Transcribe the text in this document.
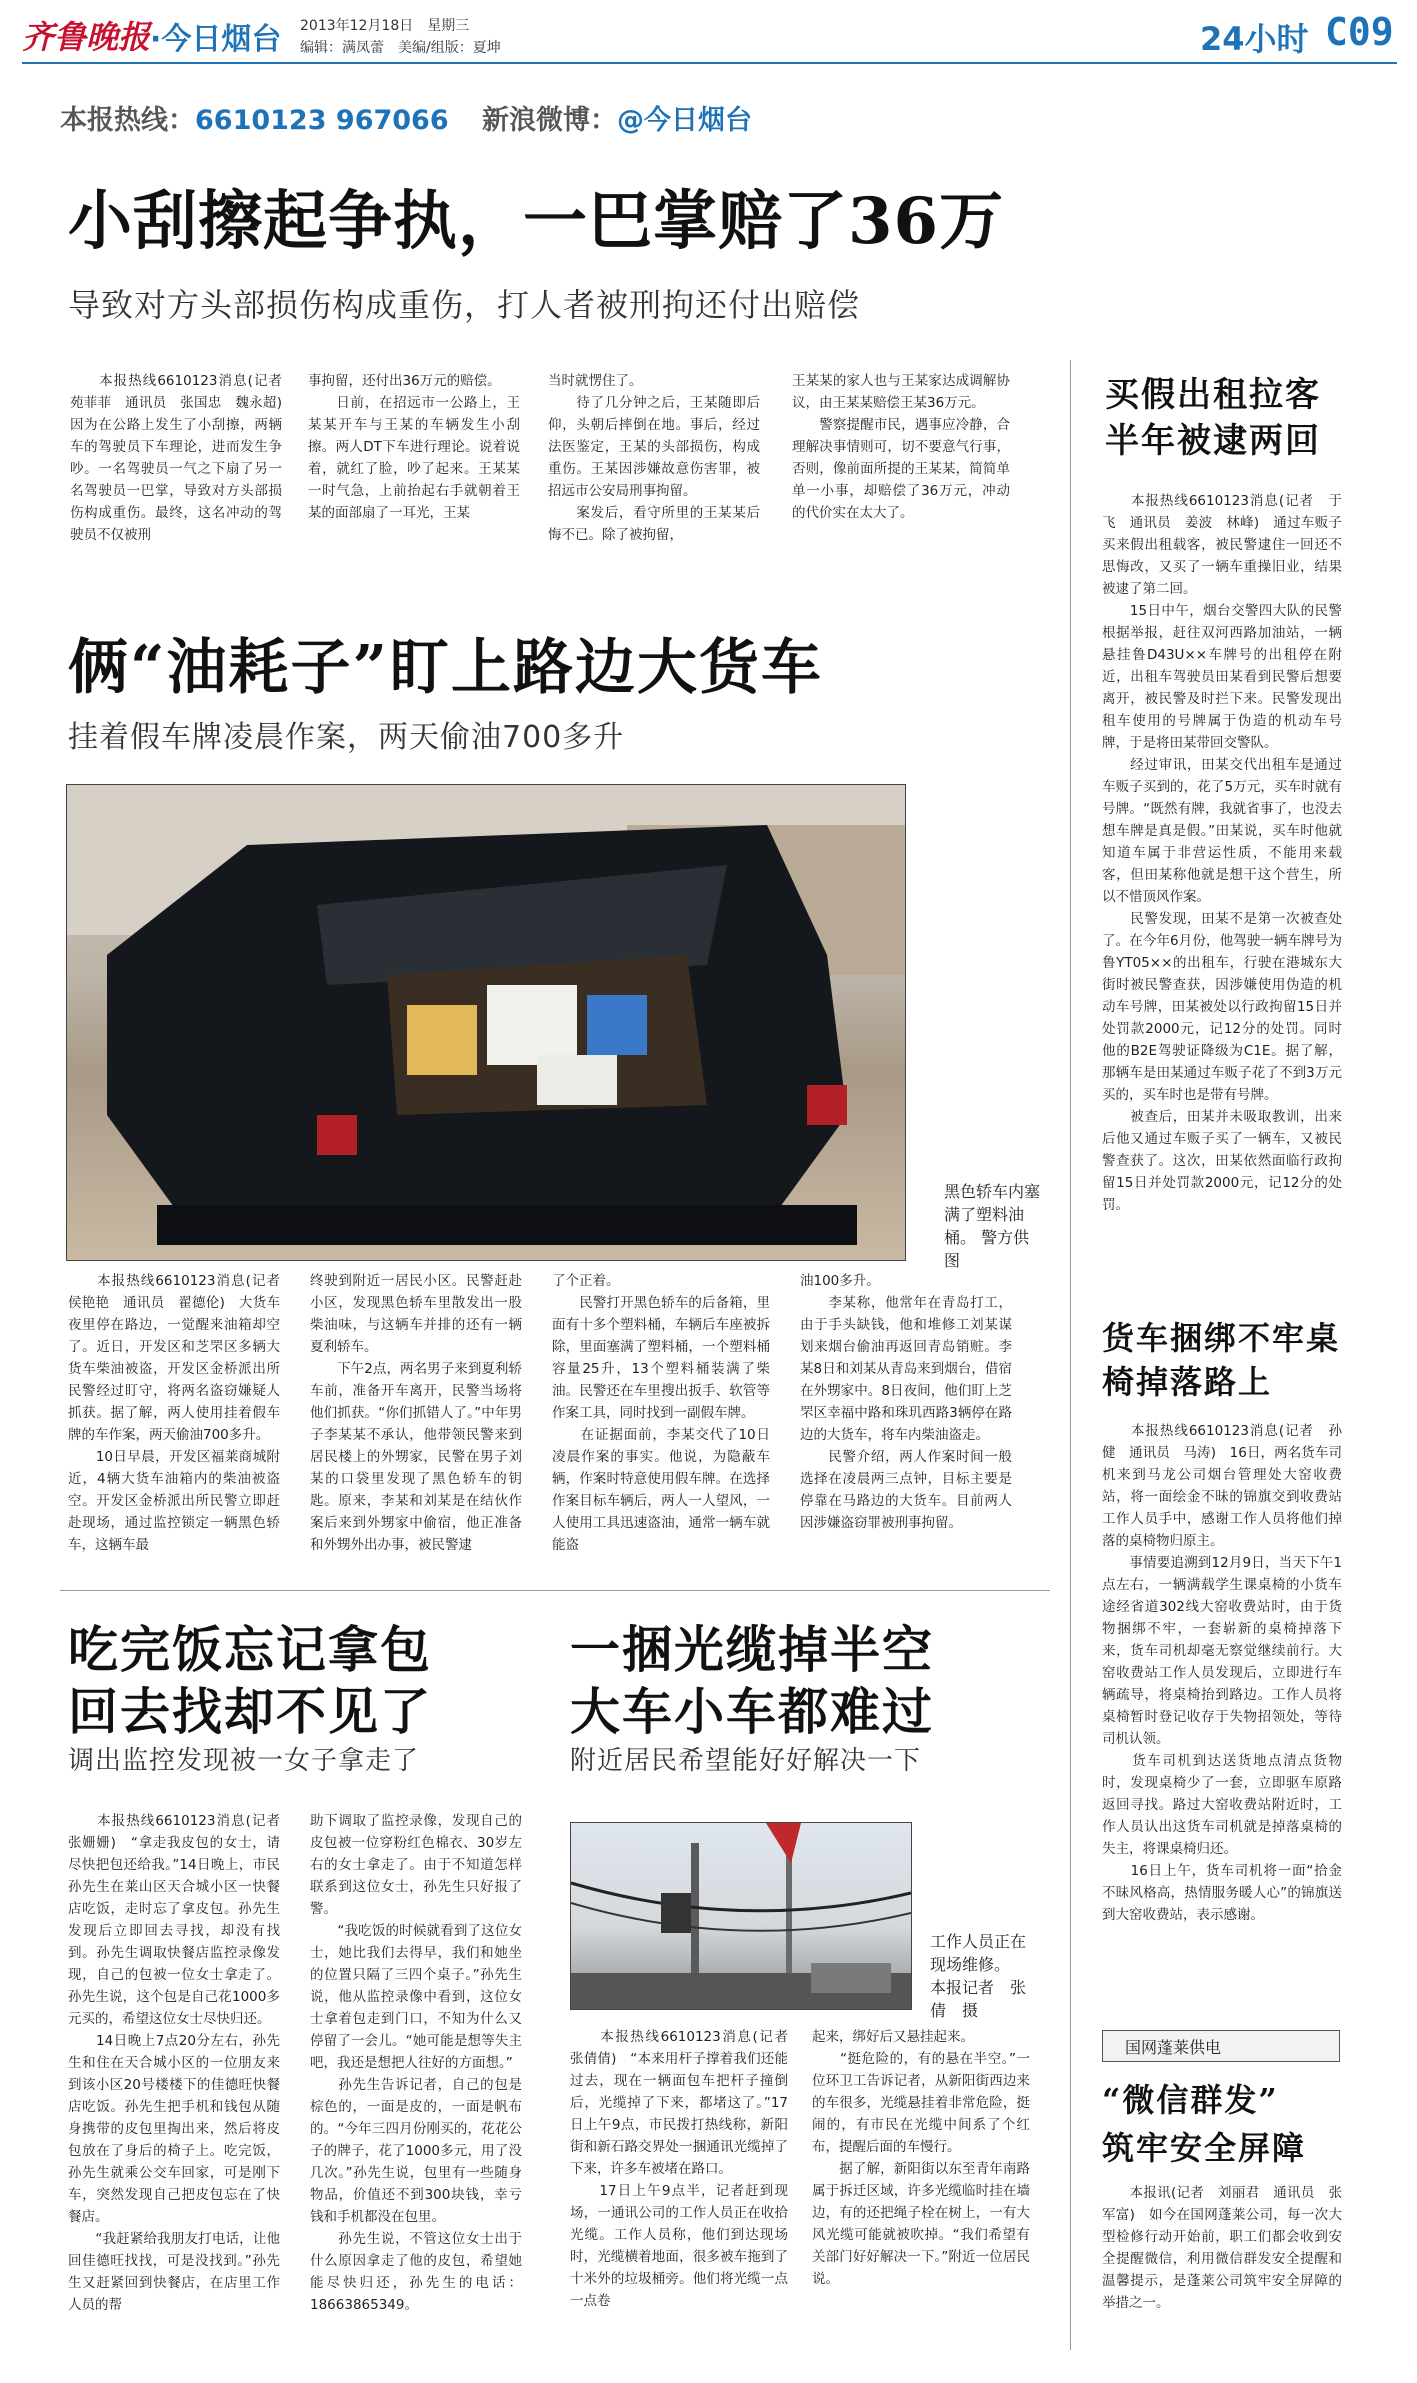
齐鲁晚报 ·今日烟台 2013年12月18日　星期三
编辑：满凤蕾　美编/组版：夏坤	24小时 C09
本报热线：6610123 967066 新浪微博：@今日烟台
小刮擦起争执，一巴掌赔了36万
导致对方头部损伤构成重伤，打人者被刑拘还付出赔偿
　　本报热线6610123消息(记者　苑菲菲　通讯员　张国忠　魏永超)　因为在公路上发生了小刮擦，两辆车的驾驶员下车理论，进而发生争吵。一名驾驶员一气之下扇了另一名驾驶员一巴掌，导致对方头部损伤构成重伤。最终，这名冲动的驾驶员不仅被刑
事拘留，还付出36万元的赔偿。
　　日前，在招远市一公路上，王某某开车与王某的车辆发生小刮擦。两人DT下车进行理论。说着说着，就红了脸，吵了起来。王某某一时气急，上前抬起右手就朝着王某的面部扇了一耳光，王某
当时就愣住了。
　　待了几分钟之后，王某随即后仰，头朝后摔倒在地。事后，经过法医鉴定，王某的头部损伤，构成重伤。王某因涉嫌故意伤害罪，被招远市公安局刑事拘留。
　　案发后，看守所里的王某某后悔不已。除了被拘留，
王某某的家人也与王某家达成调解协议，由王某某赔偿王某36万元。
　　警察提醒市民，遇事应冷静，合理解决事情则可，切不要意气行事，否则，像前面所提的王某某，简简单单一小事，却赔偿了36万元，冲动的代价实在太大了。
俩“油耗子”盯上路边大货车
挂着假车牌凌晨作案，两天偷油700多升
黑色轿车内塞满了塑料油桶。 警方供图
　　本报热线6610123消息(记者　侯艳艳　通讯员　翟德伦)　大货车夜里停在路边，一觉醒来油箱却空了。近日，开发区和芝罘区多辆大货车柴油被盗，开发区金桥派出所民警经过盯守，将两名盗窃嫌疑人抓获。据了解，两人使用挂着假车牌的车作案，两天偷油700多升。
　　10日早晨，开发区福莱商城附近，4辆大货车油箱内的柴油被盗空。开发区金桥派出所民警立即赶赴现场，通过监控锁定一辆黑色轿车，这辆车最
终驶到附近一居民小区。民警赶赴小区，发现黑色轿车里散发出一股柴油味，与这辆车并排的还有一辆夏利轿车。
　　下午2点，两名男子来到夏利轿车前，准备开车离开，民警当场将他们抓获。“你们抓错人了。”中年男子李某某不承认，他带领民警来到居民楼上的外甥家，民警在男子刘某的口袋里发现了黑色轿车的钥匙。原来，李某和刘某是在结伙作案后来到外甥家中偷宿，他正准备和外甥外出办事，被民警逮
了个正着。
　　民警打开黑色轿车的后备箱，里面有十多个塑料桶，车辆后车座被拆除，里面塞满了塑料桶，一个塑料桶容量25升，13个塑料桶装满了柴油。民警还在车里搜出扳手、软管等作案工具，同时找到一副假车牌。
　　在证据面前，李某交代了10日凌晨作案的事实。他说，为隐蔽车辆，作案时特意使用假车牌。在选择作案目标车辆后，两人一人望风，一人使用工具迅速盗油，通常一辆车就能盗
油100多升。
　　李某称，他常年在青岛打工，由于手头缺钱，他和堆修工刘某谋划来烟台偷油再返回青岛销赃。李某8日和刘某从青岛来到烟台，借宿在外甥家中。8日夜间，他们盯上芝罘区幸福中路和珠玑西路3辆停在路边的大货车，将车内柴油盗走。
　　民警介绍，两人作案时间一般选择在凌晨两三点钟，目标主要是停靠在马路边的大货车。目前两人因涉嫌盗窃罪被刑事拘留。
买假出租拉客半年被逮两回
　　本报热线6610123消息(记者　于飞　通讯员　姜波　林峰)　通过车贩子买来假出租载客，被民警逮住一回还不思悔改，又买了一辆车重操旧业，结果被逮了第二回。
　　15日中午，烟台交警四大队的民警根据举报，赶往双河西路加油站，一辆悬挂鲁D43U××车牌号的出租停在附近，出租车驾驶员田某看到民警后想要离开，被民警及时拦下来。民警发现出租车使用的号牌属于伪造的机动车号牌，于是将田某带回交警队。
　　经过审讯，田某交代出租车是通过车贩子买到的，花了5万元，买车时就有号牌。“既然有牌，我就省事了，也没去想车牌是真是假。”田某说，买车时他就知道车属于非营运性质，不能用来载客，但田某称他就是想干这个营生，所以不惜顶风作案。
　　民警发现，田某不是第一次被查处了。在今年6月份，他驾驶一辆车牌号为鲁YT05××的出租车，行驶在港城东大街时被民警查获，因涉嫌使用伪造的机动车号牌，田某被处以行政拘留15日并处罚款2000元，记12分的处罚。同时他的B2E驾驶证降级为C1E。据了解，那辆车是田某通过车贩子花了不到3万元买的，买车时也是带有号牌。
　　被查后，田某并未吸取教训，出来后他又通过车贩子买了一辆车，又被民警查获了。这次，田某依然面临行政拘留15日并处罚款2000元，记12分的处罚。
货车捆绑不牢桌椅掉落路上
　　本报热线6610123消息(记者　孙健　通讯员　马涛)　16日，两名货车司机来到马龙公司烟台管理处大窑收费站，将一面绘金不昧的锦旗交到收费站工作人员手中，感谢工作人员将他们掉落的桌椅物归原主。
　　事情要追溯到12月9日，当天下午1点左右，一辆满载学生课桌椅的小货车途经省道302线大窑收费站时，由于货物捆绑不牢，一套崭新的桌椅掉落下来，货车司机却毫无察觉继续前行。大窑收费站工作人员发现后，立即进行车辆疏导，将桌椅抬到路边。工作人员将桌椅暂时登记收存于失物招领处，等待司机认领。
　　货车司机到达送货地点清点货物时，发现桌椅少了一套，立即驱车原路返回寻找。路过大窑收费站附近时，工作人员认出这货车司机就是掉落桌椅的失主，将课桌椅归还。
　　16日上午，货车司机将一面“拾金不昧风格高，热情服务暖人心”的锦旗送到大窑收费站，表示感谢。
国网蓬莱供电
“微信群发”
筑牢安全屏障
　　本报讯(记者　刘丽君　通讯员　张军富)　如今在国网蓬莱公司，每一次大型检修行动开始前，职工们都会收到安全提醒微信，利用微信群发安全提醒和温馨提示，是蓬莱公司筑牢安全屏障的举措之一。
吃完饭忘记拿包
回去找却不见了
调出监控发现被一女子拿走了
　　本报热线6610123消息(记者　张姗姗)　“拿走我皮包的女士，请尽快把包还给我。”14日晚上，市民孙先生在莱山区天合城小区一快餐店吃饭，走时忘了拿皮包。孙先生发现后立即回去寻找，却没有找到。孙先生调取快餐店监控录像发现，自己的包被一位女士拿走了。孙先生说，这个包是自己花1000多元买的，希望这位女士尽快归还。
　　14日晚上7点20分左右，孙先生和住在天合城小区的一位朋友来到该小区20号楼楼下的佳德旺快餐店吃饭。孙先生把手机和钱包从随身携带的皮包里掏出来，然后将皮包放在了身后的椅子上。吃完饭，孙先生就乘公交车回家，可是刚下车，突然发现自己把皮包忘在了快餐店。
　　“我赶紧给我朋友打电话，让他回佳德旺找找，可是没找到。”孙先生又赶紧回到快餐店，在店里工作人员的帮
助下调取了监控录像，发现自己的皮包被一位穿粉红色棉衣、30岁左右的女士拿走了。由于不知道怎样联系到这位女士，孙先生只好报了警。
　　“我吃饭的时候就看到了这位女士，她比我们去得早，我们和她坐的位置只隔了三四个桌子。”孙先生说，他从监控录像中看到，这位女士拿着包走到门口，不知为什么又停留了一会儿。“她可能是想等失主吧，我还是想把人往好的方面想。”
　　孙先生告诉记者，自己的包是棕色的，一面是皮的，一面是帆布的。“今年三四月份刚买的，花花公子的牌子，花了1000多元，用了没几次。”孙先生说，包里有一些随身物品，价值还不到300块钱，幸亏钱和手机都没在包里。
　　孙先生说，不管这位女士出于什么原因拿走了他的皮包，希望她能尽快归还，孙先生的电话：18663865349。
一捆光缆掉半空
大车小车都难过
附近居民希望能好好解决一下
工作人员正在现场维修。 本报记者　张倩　摄
　　本报热线6610123消息(记者　张倩倩)　“本来用杆子撑着我们还能过去，现在一辆面包车把杆子撞倒后，光缆掉了下来，都堵这了。”17日上午9点，市民拨打热线称，新阳街和新石路交界处一捆通讯光缆掉了下来，许多车被堵在路口。
　　17日上午9点半，记者赶到现场，一通讯公司的工作人员正在收拾光缆。工作人员称，他们到达现场时，光缆横着地面，很多被车拖到了十米外的垃圾桶旁。他们将光缆一点一点卷
起来，绑好后又悬挂起来。
　　“挺危险的，有的悬在半空。”一位环卫工告诉记者，从新阳街西边来的车很多，光缆悬挂着非常危险，挺闹的，有市民在光缆中间系了个红布，提醒后面的车慢行。
　　据了解，新阳街以东至青年南路属于拆迁区域，许多光缆临时挂在墙边，有的还把绳子栓在树上，一有大风光缆可能就被吹掉。“我们希望有关部门好好解决一下。”附近一位居民说。
